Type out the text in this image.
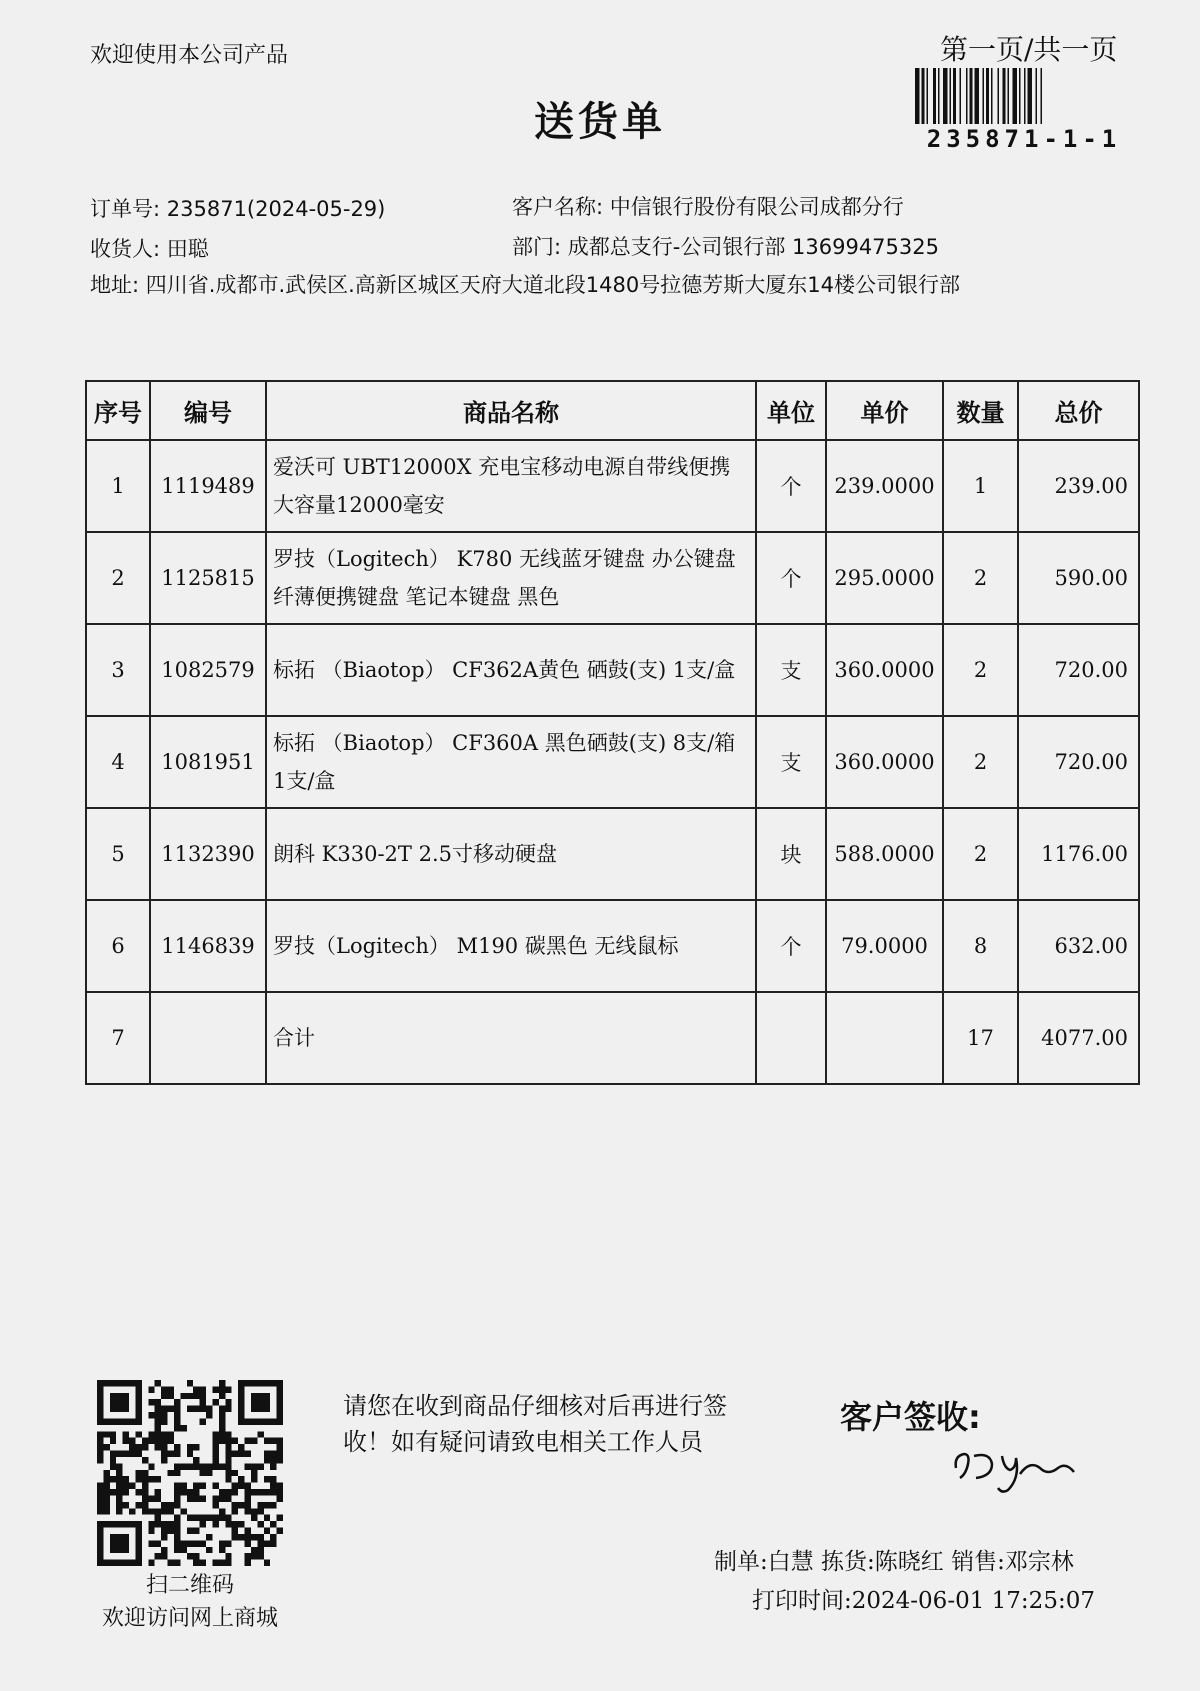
欢迎使用本公司产品
送货单
第一页/共一页
235871-1-1
订单号: 235871(2024-05-29)	客户名称: 中信银行股份有限公司成都分行
收货人: 田聪	部门: 成都总支行-公司银行部 13699475325
地址: 四川省.成都市.武侯区.高新区城区天府大道北段1480号拉德芳斯大厦东14楼公司银行部
序号	编号	商品名称	单位	单价	数量	总价
1	1119489	爱沃可 UBT12000X 充电宝移动电源自带线便携大容量12000毫安	个	239.0000	1	239.00
2	1125815	罗技（Logitech） K780 无线蓝牙键盘 办公键盘纤薄便携键盘 笔记本键盘 黑色	个	295.0000	2	590.00
3	1082579	标拓 （Biaotop） CF362A黄色 硒鼓(支) 1支/盒	支	360.0000	2	720.00
4	1081951	标拓 （Biaotop） CF360A 黑色硒鼓(支) 8支/箱 1支/盒	支	360.0000	2	720.00
5	1132390	朗科 K330-2T 2.5寸移动硬盘	块	588.0000	2	1176.00
6	1146839	罗技（Logitech） M190 碳黑色 无线鼠标	个	79.0000	8	632.00
7		合计			17	4077.00
扫二维码
欢迎访问网上商城
请您在收到商品仔细核对后再进行签收！如有疑问请致电相关工作人员
客户签收:
制单:白慧 拣货:陈晓红 销售:邓宗林
打印时间:2024-06-01 17:25:07
